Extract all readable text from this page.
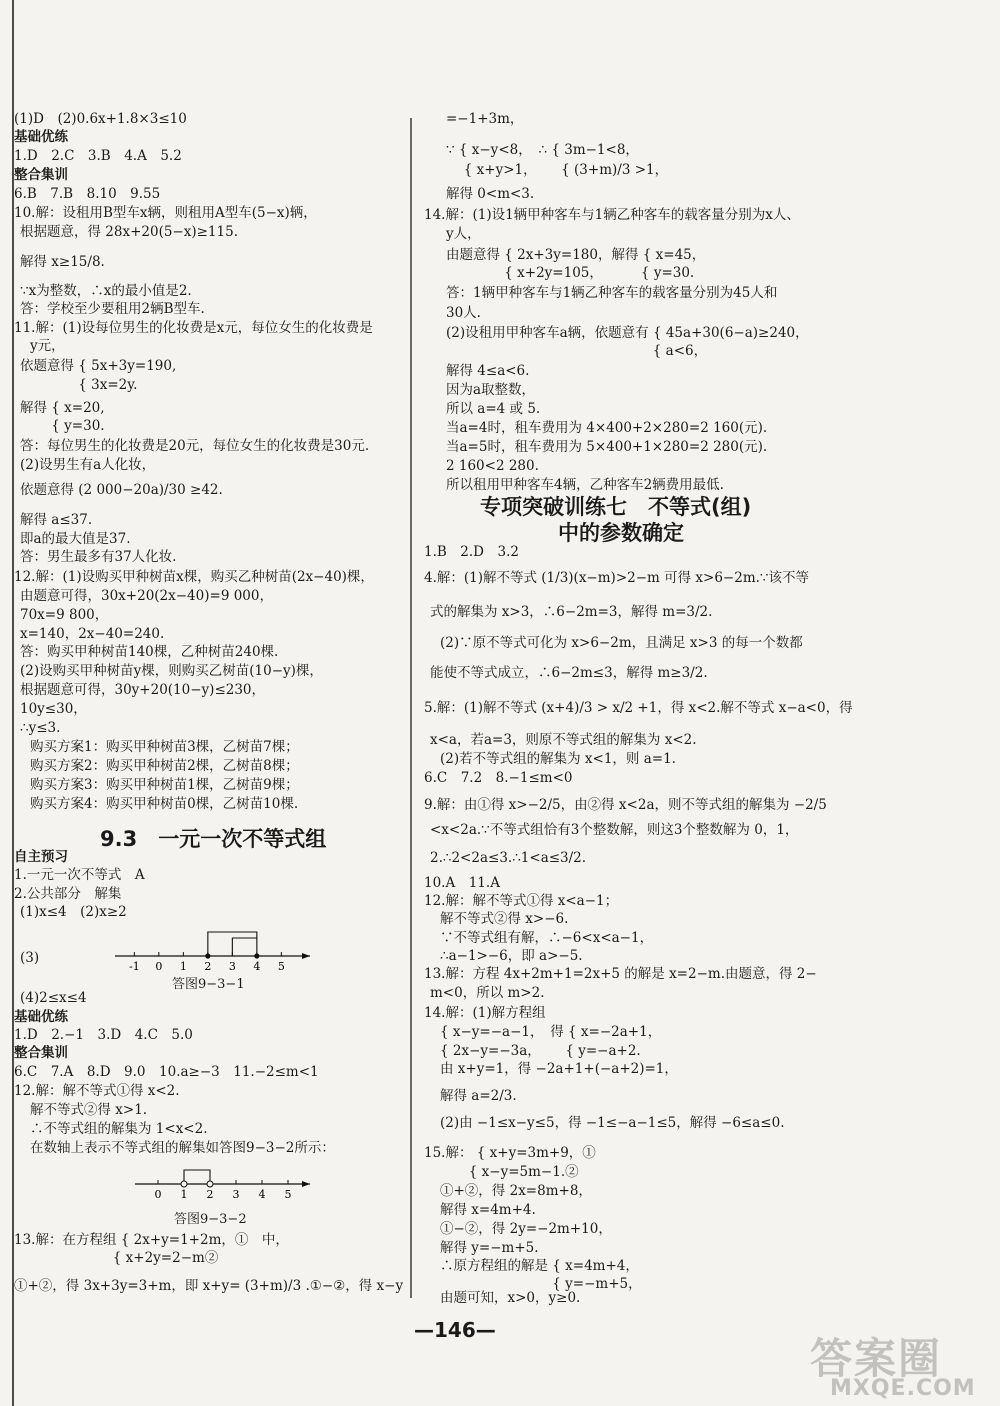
(1)D　(2)0.6x+1.8×3≤10
基础优练
1.D　2.C　3.B　4.A　5.2
整合集训
6.B　7.B　8.10　9.55
10.解：设租用B型车x辆，则租用A型车(5−x)辆，
根据题意，得 28x+20(5−x)≥115.
解得 x≥15/8.
∵x为整数，∴x的最小值是2.
答：学校至少要租用2辆B型车.
11.解：(1)设每位男生的化妆费是x元，每位女生的化妆费是
y元，
依题意得 { 5x+3y=190,
　　　　 { 3x=2y.
解得 { x=20,
　　 { y=30.
答：每位男生的化妆费是20元，每位女生的化妆费是30元.
(2)设男生有a人化妆，
依题意得 (2 000−20a)/30 ≥42.
解得 a≤37.
即a的最大值是37.
答：男生最多有37人化妆.
12.解：(1)设购买甲种树苗x棵，购买乙种树苗(2x−40)棵，
由题意可得，30x+20(2x−40)=9 000，
70x=9 800，
x=140，2x−40=240.
答：购买甲种树苗140棵，乙种树苗240棵.
(2)设购买甲种树苗y棵，则购买乙树苗(10−y)棵，
根据题意可得，30y+20(10−y)≤230，
10y≤30，
∴y≤3.
购买方案1：购买甲种树苗3棵，乙树苗7棵；
购买方案2：购买甲种树苗2棵，乙树苗8棵；
购买方案3：购买甲种树苗1棵，乙树苗9棵；
购买方案4：购买甲种树苗0棵，乙树苗10棵.
自主预习
1.一元一次不等式　A
2.公共部分　解集
(1)x≤4　(2)x≥2
(3)
(4)2≤x≤4
基础优练
1.D　2.−1　3.D　4.C　5.0
整合集训
6.C　7.A　8.D　9.0　10.a≥−3　11.−2≤m<1
12.解：解不等式①得 x<2.
解不等式②得 x>1.
∴不等式组的解集为 1<x<2.
在数轴上表示不等式组的解集如答图9−3−2所示：
13.解：在方程组 { 2x+y=1+2m，①　中，
　　　　　　　 { x+2y=2−m②
①+②，得 3x+3y=3+m，即 x+y= (3+m)/3 .①−②，得 x−y
=−1+3m，
∵ { x−y<8，　∴ { 3m−1<8，
　 { x+y>1，　　 { (3+m)/3 >1，
解得 0<m<3.
14.解：(1)设1辆甲种客车与1辆乙种客车的载客量分别为x人、
y人，
由题意得 { 2x+3y=180，解得 { x=45，
　　　　 { x+2y=105，　　　 { y=30.
答：1辆甲种客车与1辆乙种客车的载客量分别为45人和
30人.
(2)设租用甲种客车a辆，依题意有 { 45a+30(6−a)≥240，
　　　　　　　　　　　　　　　 { a<6，
解得 4≤a<6.
因为a取整数，
所以 a=4 或 5.
当a=4时，租车费用为 4×400+2×280=2 160(元).
当a=5时，租车费用为 5×400+1×280=2 280(元).
2 160<2 280.
所以租用甲种客车4辆，乙种客车2辆费用最低.
1.B　2.D　3.2
4.解：(1)解不等式 (1/3)(x−m)>2−m 可得 x>6−2m.∵该不等
式的解集为 x>3，∴6−2m=3，解得 m=3/2.
(2)∵原不等式可化为 x>6−2m，且满足 x>3 的每一个数都
能使不等式成立，∴6−2m≤3，解得 m≥3/2.
5.解：(1)解不等式 (x+4)/3 > x/2 +1，得 x<2.解不等式 x−a<0，得
x<a，若a=3，则原不等式组的解集为 x<2.
(2)若不等式组的解集为 x<1，则 a=1.
6.C　7.2　8.−1≤m<0
9.解：由①得 x>−2/5，由②得 x<2a，则不等式组的解集为 −2/5
<x<2a.∵不等式组恰有3个整数解，则这3个整数解为 0，1，
2.∴2<2a≤3.∴1<a≤3/2.
10.A　11.A
12.解：解不等式①得 x<a−1；
解不等式②得 x>−6.
∵不等式组有解，∴−6<x<a−1，
∴a−1>−6，即 a>−5.
13.解：方程 4x+2m+1=2x+5 的解是 x=2−m.由题意，得 2−
m<0，所以 m>2.
14.解：(1)解方程组
{ x−y=−a−1，　得 { x=−2a+1，
{ 2x−y=−3a，　　 { y=−a+2.
由 x+y=1，得 −2a+1+(−a+2)=1，
解得 a=2/3.
(2)由 −1≤x−y≤5，得 −1≤−a−1≤5，解得 −6≤a≤0.
15.解： { x+y=3m+9，①
　　　 { x−y=5m−1.②
①+②，得 2x=8m+8，
解得 x=4m+4.
①−②，得 2y=−2m+10，
解得 y=−m+5.
∴原方程组的解是 { x=4m+4，
　　　　　　　　 { y=−m+5，
由题可知，x>0，y≥0.
9.3　一元一次不等式组
专项突破训练七　不等式(组)
中的参数确定
-1 0 1 2 3 4 5
答图9−3−1
0 1 2 3 4 5
答图9−3−2
—146—
答案圈
MXQE.COM
